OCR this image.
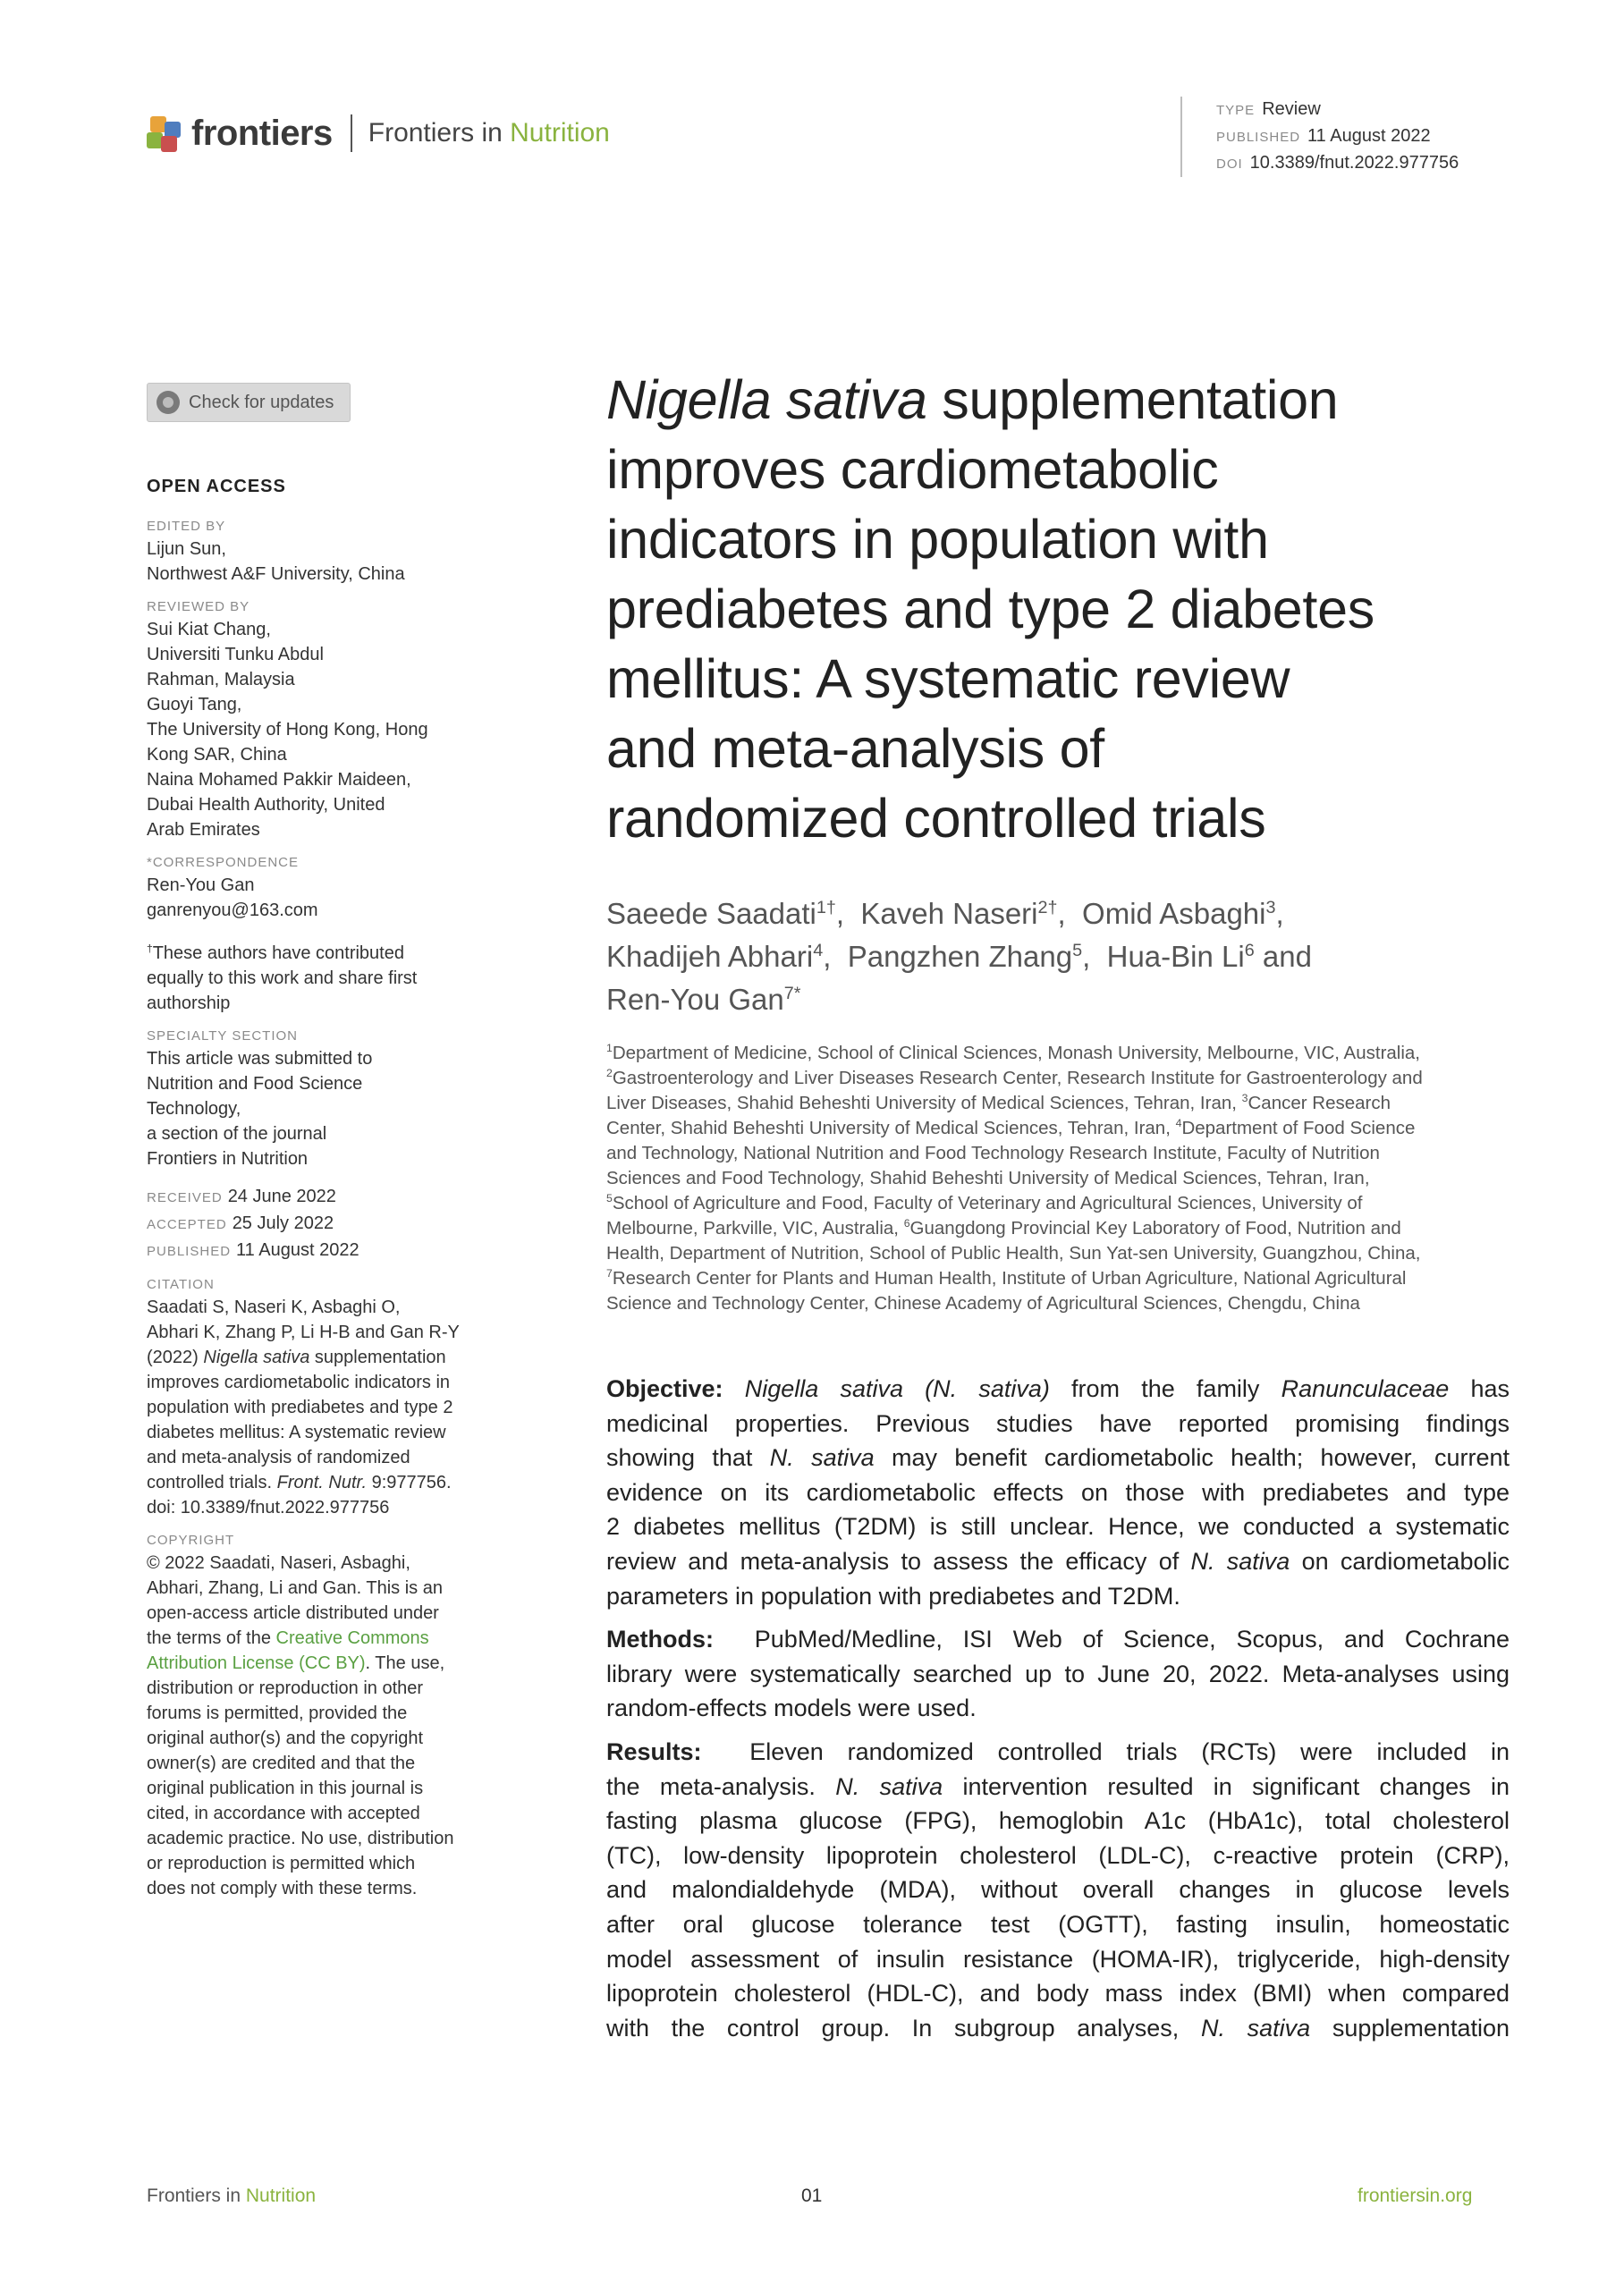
frontiers Frontiers in Nutrition
TYPE Review
PUBLISHED 11 August 2022
DOI 10.3389/fnut.2022.977756
Check for updates
OPEN ACCESS
EDITED BY
Lijun Sun,
Northwest A&F University, China
REVIEWED BY
Sui Kiat Chang,
Universiti Tunku Abdul
Rahman, Malaysia
Guoyi Tang,
The University of Hong Kong, Hong
Kong SAR, China
Naina Mohamed Pakkir Maideen,
Dubai Health Authority, United
Arab Emirates
*CORRESPONDENCE
Ren-You Gan
ganrenyou@163.com
†These authors have contributed
equally to this work and share first
authorship
SPECIALTY SECTION
This article was submitted to
Nutrition and Food Science
Technology,
a section of the journal
Frontiers in Nutrition
RECEIVED 24 June 2022
ACCEPTED 25 July 2022
PUBLISHED 11 August 2022
CITATION
Saadati S, Naseri K, Asbaghi O,
Abhari K, Zhang P, Li H-B and Gan R-Y
(2022) Nigella sativa supplementation
improves cardiometabolic indicators in
population with prediabetes and type 2
diabetes mellitus: A systematic review
and meta-analysis of randomized
controlled trials. Front. Nutr. 9:977756.
doi: 10.3389/fnut.2022.977756
COPYRIGHT
© 2022 Saadati, Naseri, Asbaghi,
Abhari, Zhang, Li and Gan. This is an
open-access article distributed under
the terms of the Creative Commons
Attribution License (CC BY). The use,
distribution or reproduction in other
forums is permitted, provided the
original author(s) and the copyright
owner(s) are credited and that the
original publication in this journal is
cited, in accordance with accepted
academic practice. No use, distribution
or reproduction is permitted which
does not comply with these terms.
Nigella sativa supplementation
improves cardiometabolic
indicators in population with
prediabetes and type 2 diabetes
mellitus: A systematic review
and meta-analysis of
randomized controlled trials
Saeede Saadati$^{1\dagger}$,  Kaveh Naseri$^{2\dagger}$,  Omid Asbaghi$^3$,
Khadijeh Abhari$^4$,  Pangzhen Zhang$^5$,  Hua-Bin Li$^6$ and
Ren-You Gan$^{7*}$
$^1$Department of Medicine, School of Clinical Sciences, Monash University, Melbourne, VIC, Australia,
$^2$Gastroenterology and Liver Diseases Research Center, Research Institute for Gastroenterology and
Liver Diseases, Shahid Beheshti University of Medical Sciences, Tehran, Iran, $^3$Cancer Research
Center, Shahid Beheshti University of Medical Sciences, Tehran, Iran, $^4$Department of Food Science
and Technology, National Nutrition and Food Technology Research Institute, Faculty of Nutrition
Sciences and Food Technology, Shahid Beheshti University of Medical Sciences, Tehran, Iran,
$^5$School of Agriculture and Food, Faculty of Veterinary and Agricultural Sciences, University of
Melbourne, Parkville, VIC, Australia, $^6$Guangdong Provincial Key Laboratory of Food, Nutrition and
Health, Department of Nutrition, School of Public Health, Sun Yat-sen University, Guangzhou, China,
$^7$Research Center for Plants and Human Health, Institute of Urban Agriculture, National Agricultural
Science and Technology Center, Chinese Academy of Agricultural Sciences, Chengdu, China
Objective: Nigella sativa (N. sativa) from the family Ranunculaceae has
medicinal properties. Previous studies have reported promising findings
showing that N. sativa may benefit cardiometabolic health; however, current
evidence on its cardiometabolic effects on those with prediabetes and type
2 diabetes mellitus (T2DM) is still unclear. Hence, we conducted a systematic
review and meta-analysis to assess the efficacy of N. sativa on cardiometabolic
parameters in population with prediabetes and T2DM.
Methods:  PubMed/Medline, ISI Web of Science, Scopus, and Cochrane
library were systematically searched up to June 20, 2022. Meta-analyses using
random-effects models were used.
Results:  Eleven randomized controlled trials (RCTs) were included in
the meta-analysis. N. sativa intervention resulted in significant changes in
fasting plasma glucose (FPG), hemoglobin A1c (HbA1c), total cholesterol
(TC), low-density lipoprotein cholesterol (LDL-C), c-reactive protein (CRP),
and malondialdehyde (MDA), without overall changes in glucose levels
after oral glucose tolerance test (OGTT), fasting insulin, homeostatic
model assessment of insulin resistance (HOMA-IR), triglyceride, high-density
lipoprotein cholesterol (HDL-C), and body mass index (BMI) when compared
with the control group. In subgroup analyses, N. sativa supplementation
Frontiers in Nutrition	01	frontiersin.org
